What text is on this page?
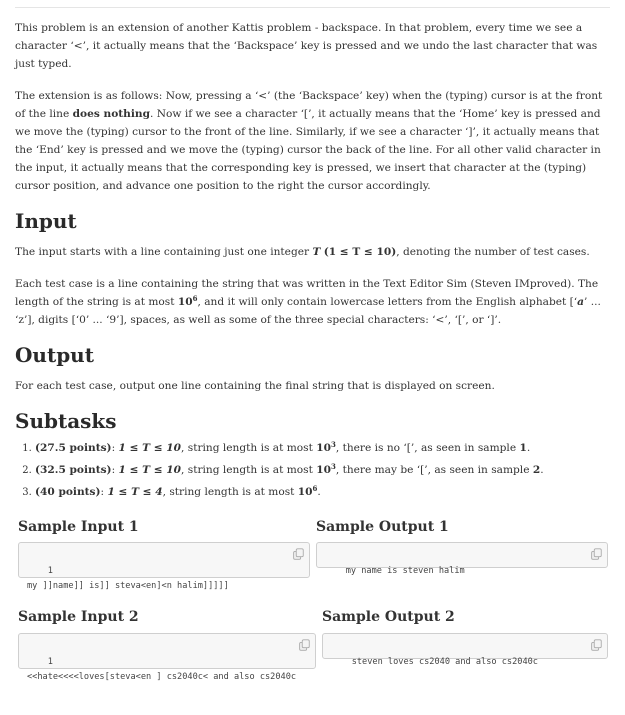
This problem is an extension of another Kattis problem - backspace. In that problem, every time we see a character ‘<’, it actually means that the ‘Backspace’ key is pressed and we undo the last character that was just typed.

The extension is as follows: Now, pressing a ‘<’ (the ‘Backspace’ key) when the (typing) cursor is at the front of the line does nothing. Now if we see a character ‘[’, it actually means that the ‘Home’ key is pressed and we move the (typing) cursor to the front of the line. Similarly, if we see a character ‘]’, it actually means that the ‘End’ key is pressed and we move the (typing) cursor the back of the line. For all other valid character in the input, it actually means that the corresponding key is pressed, we insert that character at the (typing) cursor position, and advance one position to the right the cursor accordingly.

Input

The input starts with a line containing just one integer T (1 ≤ T ≤ 10), denoting the number of test cases.

Each test case is a line containing the string that was written in the Text Editor Sim (Steven IMproved). The length of the string is at most $10^6$, and it will only contain lowercase letters from the English alphabet [‘a’ ... ‘z’], digits [‘0’ ... ‘9’], spaces, as well as some of the three special characters: ‘<’, ‘[’, or ‘]’.

Output

For each test case, output one line containing the final string that is displayed on screen.

Subtasks
1. (27.5 points): 1 ≤ T ≤ 10, string length is at most $10^3$, there is no ‘[’, as seen in sample 1.
2. (32.5 points): 1 ≤ T ≤ 10, string length is at most $10^3$, there may be ‘[’, as seen in sample 2.
3. (40 points): 1 ≤ T ≤ 4, string length is at most $10^6$.
Sample Input 1	Sample Output 1

1
my ]]name]] is]] steva<en]<n halim]]]]]

my name is steven halim

Sample Input 2	Sample Output 2

1
<<hate<<<<loves[steva<en ] cs2040c< and also cs2040c

steven loves cs2040 and also cs2040c
